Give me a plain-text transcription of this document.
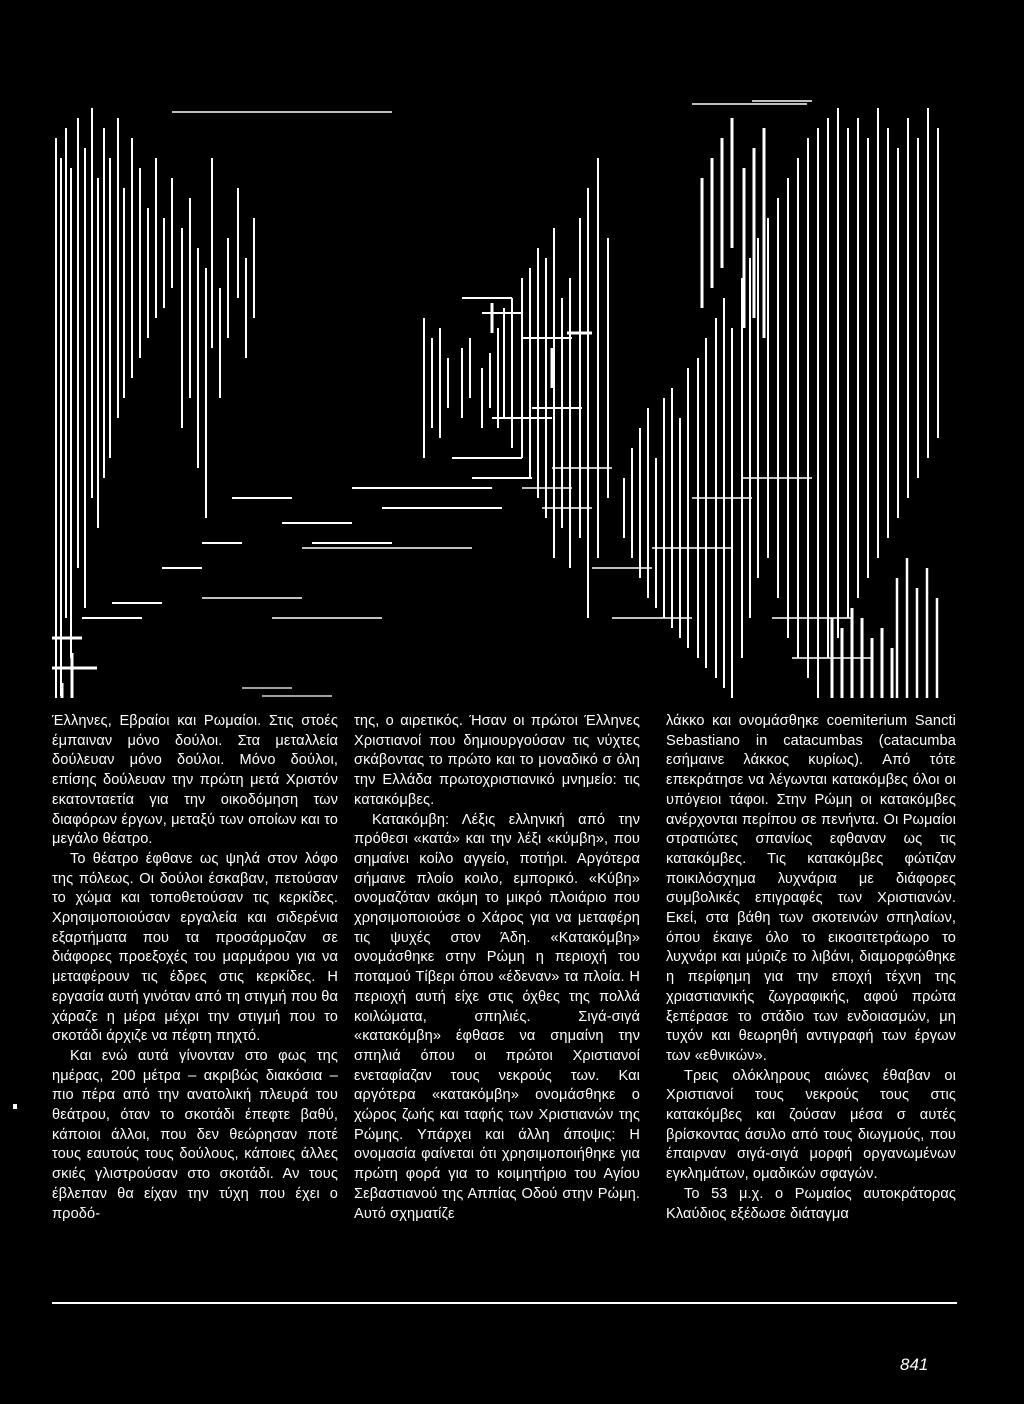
Έλληνες, Εβραίοι και Ρωμαίοι. Στις στοές έμπαιναν μόνο δούλοι. Στα μεταλλεία δούλευαν μόνο δούλοι. Μόνο δούλοι, επίσης δούλευαν την πρώτη μετά Χριστόν εκατονταετία για την οικοδόμηση των διαφόρων έργων, μεταξύ των οποίων και το μεγάλο θέατρο.

Το θέατρο έφθανε ως ψηλά στον λόφο της πόλεως. Οι δούλοι έσκαβαν, πετούσαν το χώμα και τοποθετούσαν τις κερκίδες. Χρησιμοποιούσαν εργαλεία και σιδερένια εξαρτήματα που τα προσάρμοζαν σε διάφορες προεξοχές του μαρμάρου για να μεταφέρουν τις έδρες στις κερκίδες. Η εργασία αυτή γινόταν από τη στιγμή που θα χάραζε η μέρα μέχρι την στιγμή που το σκοτάδι άρχιζε να πέφτη πηχτό.

Και ενώ αυτά γίνονταν στο φως της ημέρας, 200 μέτρα – ακριβώς διακόσια – πιο πέρα από την ανατολική πλευρά του θεάτρου, όταν το σκοτάδι έπεφτε βαθύ, κάποιοι άλλοι, που δεν θεώρησαν ποτέ τους εαυτούς τους δούλους, κάποιες άλλες σκιές γλιστρούσαν στο σκοτάδι. Αν τους έβλεπαν θα είχαν την τύχη που έχει ο προδό-

της, ο αιρετικός. Ήσαν οι πρώτοι Έλληνες Χριστιανοί που δημιουργούσαν τις νύχτες σκάβοντας το πρώτο και το μοναδικό σ όλη την Ελλάδα πρωτοχριστιανικό μνημείο: τις κατακόμβες.

Κατακόμβη: Λέξις ελληνική από την πρόθεσι «κατά» και την λέξι «κύμβη», που σημαίνει κοίλο αγγείο, ποτήρι. Αργότερα σήμαινε πλοίο κοιλο, εμπορικό. «Κύβη» ονομαζόταν ακόμη το μικρό πλοιάριο που χρησιμοποιούσε ο Χάρος για να μεταφέρη τις ψυχές στον Άδη. «Κατακόμβη» ονομάσθηκε στην Ρώμη η περιοχή του ποταμού Τίβερι όπου «έδεναν» τα πλοία. Η περιοχή αυτή είχε στις όχθες της πολλά κοιλώματα, σπηλιές. Σιγά-σιγά «κατακόμβη» έφθασε να σημαίνη την σπηλιά όπου οι πρώτοι Χριστιανοί ενεταφίαζαν τους νεκρούς των. Και αργότερα «κατακόμβη» ονομάσθηκε ο χώρος ζωής και ταφής των Χριστιανών της Ρώμης. Υπάρχει και άλλη άποψις: Η ονομασία φαίνεται ότι χρησιμοποιήθηκε για πρώτη φορά για το κοιμητήριο του Αγίου Σεβαστιανού της Αππίας Οδού στην Ρώμη. Αυτό σχηματίζε

λάκκο και ονομάσθηκε coemiterium Sancti Sebastiano in catacumbas (catacumba εσήμαινε λάκκος κυρίως). Από τότε επεκράτησε να λέγωνται κατακόμβες όλοι οι υπόγειοι τάφοι. Στην Ρώμη οι κατακόμβες ανέρχονται περίπου σε πενήντα. Οι Ρωμαίοι στρατιώτες σπανίως εφθαναν ως τις κατακόμβες. Τις κατακόμβες φώτιζαν ποικιλόσχημα λυχνάρια με διάφορες συμβολικές επιγραφές των Χριστιανών. Εκεί, στα βάθη των σκοτεινών σπηλαίων, όπου έκαιγε όλο το εικοσιτετράωρο το λυχνάρι και μύριζε το λιβάνι, διαμορφώθηκε η περίφημη για την εποχή τέχνη της χριαστιανικής ζωγραφικής, αφού πρώτα ξεπέρασε το στάδιο των ενδοιασμών, μη τυχόν και θεωρηθή αντιγραφή των έργων των «εθνικών».

Τρεις ολόκληρους αιώνες έθαβαν οι Χριστιανοί τους νεκρούς τους στις κατακόμβες και ζούσαν μέσα σ αυτές βρίσκοντας άσυλο από τους διωγμούς, που έπαιρναν σιγά-σιγά μορφή οργανωμένων εγκλημάτων, ομαδικών σφαγών.

Το 53 μ.χ. ο Ρωμαίος αυτοκράτορας Κλαύδιος εξέδωσε διάταγμα

841
